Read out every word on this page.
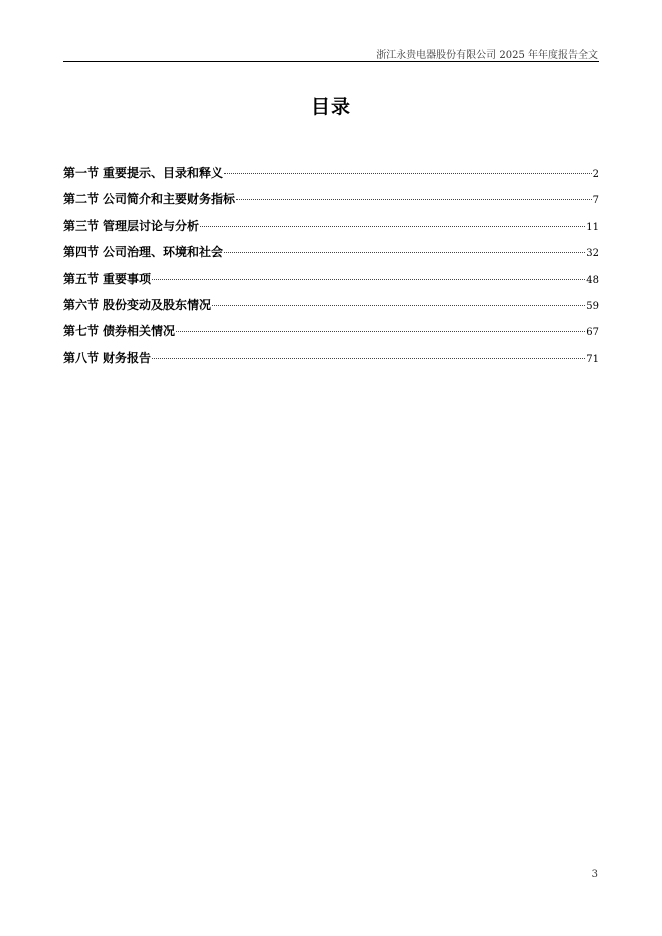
浙江永贵电器股份有限公司 2025 年年度报告全文
目录
第一节 重要提示、目录和释义	2
第二节 公司简介和主要财务指标	7
第三节 管理层讨论与分析	11
第四节 公司治理、环境和社会	32
第五节 重要事项	48
第六节 股份变动及股东情况	59
第七节 债券相关情况	67
第八节 财务报告	71
3
